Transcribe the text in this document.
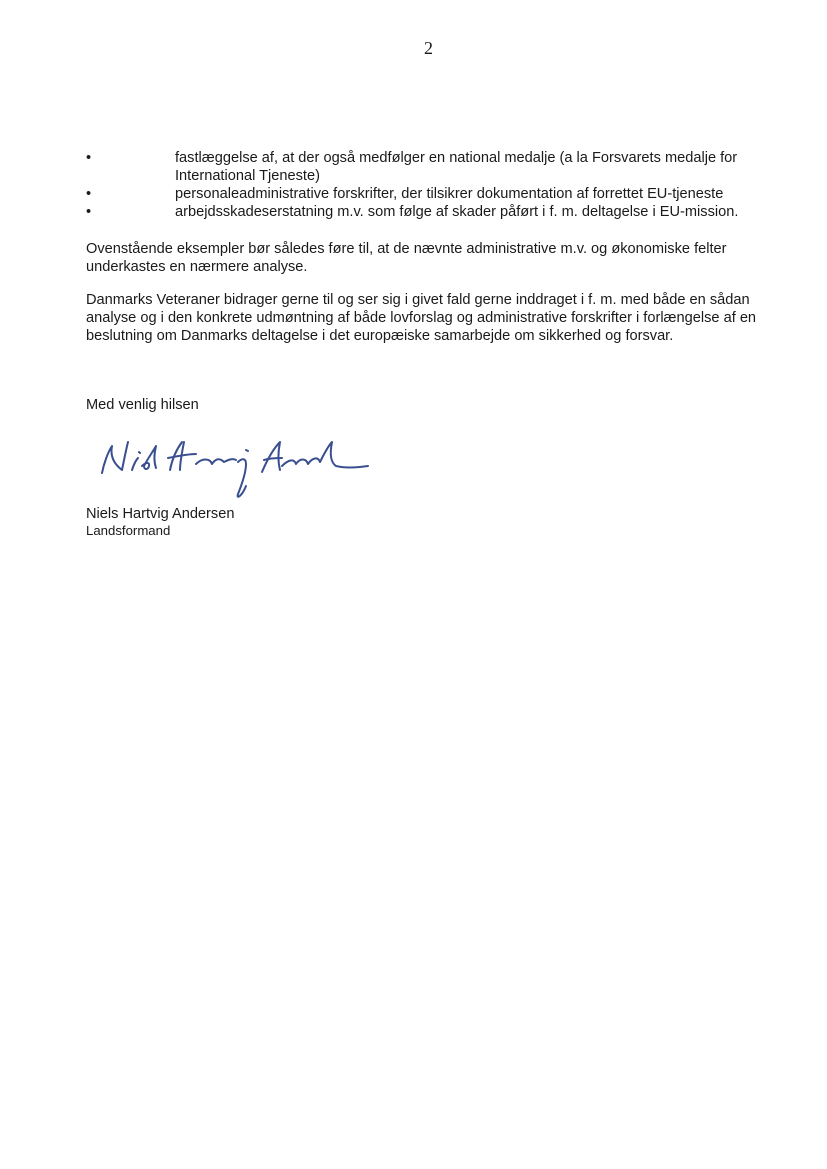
2
•	fastlæggelse af, at der også medfølger en national medalje (a la Forsvarets medalje for International Tjeneste)
•	personaleadministrative forskrifter, der tilsikrer dokumentation af forrettet EU-tjeneste
•	arbejdsskadeserstatning m.v. som følge af skader påført i f. m. deltagelse i EU-mission.

Ovenstående eksempler bør således føre til, at de nævnte administrative m.v. og økonomiske felter underkastes en nærmere analyse.

Danmarks Veteraner bidrager gerne til og ser sig i givet fald gerne inddraget i f. m. med både en sådan analyse og i den konkrete udmøntning af både lovforslag og administrative forskrifter i forlængelse af en beslutning om Danmarks deltagelse i det europæiske samarbejde om sikkerhed og forsvar.

Med venlig hilsen

Niels Hartvig Andersen

Landsformand
